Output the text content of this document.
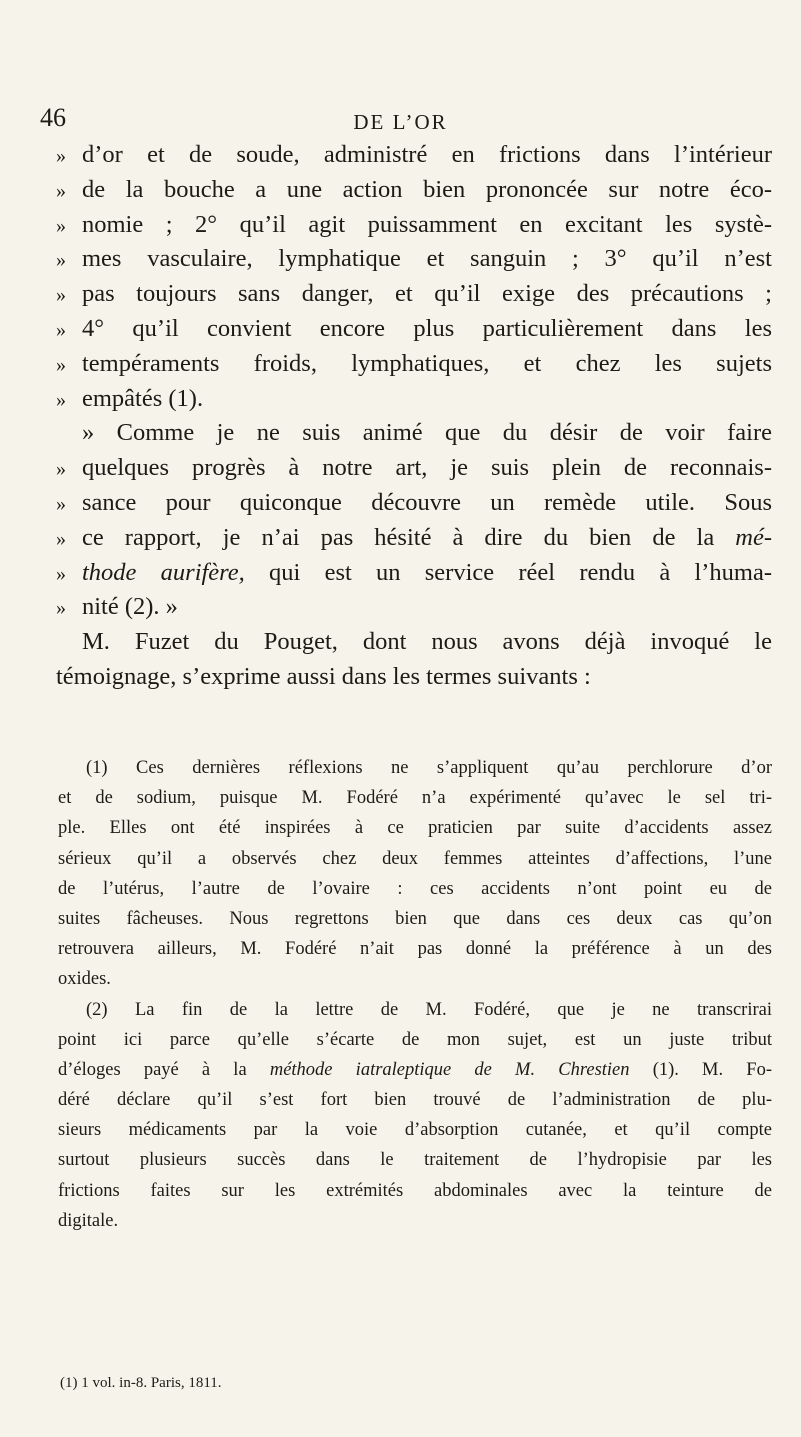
46	DE L’OR
» d’or et de soude, administré en frictions dans l’intérieur
» de la bouche a une action bien prononcée sur notre éco-
» nomie ; 2° qu’il agit puissamment en excitant les systè-
» mes vasculaire, lymphatique et sanguin ; 3° qu’il n’est
» pas toujours sans danger, et qu’il exige des précautions ;
» 4° qu’il convient encore plus particulièrement dans les
» tempéraments froids, lymphatiques, et chez les sujets
» empâtés (1).
» Comme je ne suis animé que du désir de voir faire
» quelques progrès à notre art, je suis plein de reconnais-
» sance pour quiconque découvre un remède utile. Sous
» ce rapport, je n’ai pas hésité à dire du bien de la mé-
» thode aurifère, qui est un service réel rendu à l’huma-
» nité (2). »
M. Fuzet du Pouget, dont nous avons déjà invoqué le
témoignage, s’exprime aussi dans les termes suivants :
(1) Ces dernières réflexions ne s’appliquent qu’au perchlorure d’or
et de sodium, puisque M. Fodéré n’a expérimenté qu’avec le sel tri-
ple. Elles ont été inspirées à ce praticien par suite d’accidents assez
sérieux qu’il a observés chez deux femmes atteintes d’affections, l’une
de l’utérus, l’autre de l’ovaire : ces accidents n’ont point eu de
suites fâcheuses. Nous regrettons bien que dans ces deux cas qu’on
retrouvera ailleurs, M. Fodéré n’ait pas donné la préférence à un des
oxides.
(2) La fin de la lettre de M. Fodéré, que je ne transcrirai
point ici parce qu’elle s’écarte de mon sujet, est un juste tribut
d’éloges payé à la méthode iatraleptique de M. Chrestien (1). M. Fo-
déré déclare qu’il s’est fort bien trouvé de l’administration de plu-
sieurs médicaments par la voie d’absorption cutanée, et qu’il compte
surtout plusieurs succès dans le traitement de l’hydropisie par les
frictions faites sur les extrémités abdominales avec la teinture de
digitale.
(1) 1 vol. in-8. Paris, 1811.
